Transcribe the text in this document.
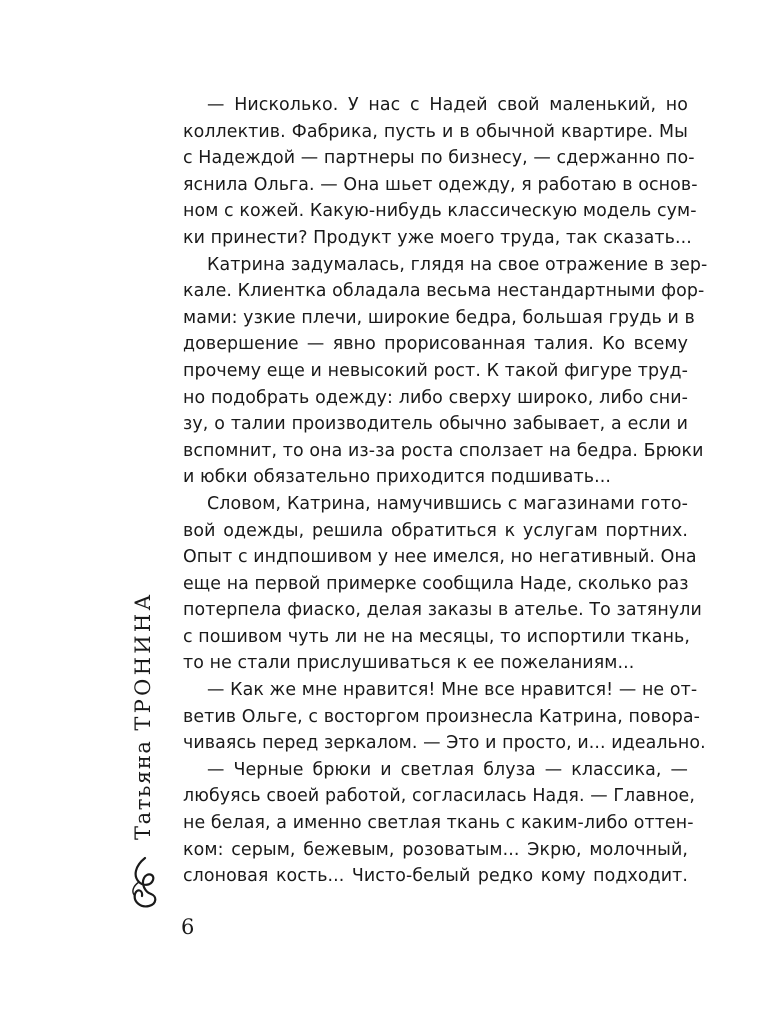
Татьяна ТРОНИНА
— Нисколько. У нас с Надей свой маленький, но
коллектив. Фабрика, пусть и в обычной квартире. Мы
с Надеждой — партнеры по бизнесу, — сдержанно по-
яснила Ольга. — Она шьет одежду, я работаю в основ-
ном с кожей. Какую-нибудь классическую модель сум-
ки принести? Продукт уже моего труда, так сказать...
Катрина задумалась, глядя на свое отражение в зер-
кале. Клиентка обладала весьма нестандартными фор-
мами: узкие плечи, широкие бедра, большая грудь и в
довершение — явно прорисованная талия. Ко всему
прочему еще и невысокий рост. К такой фигуре труд-
но подобрать одежду: либо сверху широко, либо сни-
зу, о талии производитель обычно забывает, а если и
вспомнит, то она из-за роста сползает на бедра. Брюки
и юбки обязательно приходится подшивать...
Словом, Катрина, намучившись с магазинами гото-
вой одежды, решила обратиться к услугам портних.
Опыт с индпошивом у нее имелся, но негативный. Она
еще на первой примерке сообщила Наде, сколько раз
потерпела фиаско, делая заказы в ателье. То затянули
с пошивом чуть ли не на месяцы, то испортили ткань,
то не стали прислушиваться к ее пожеланиям...
— Как же мне нравится! Мне все нравится! — не от-
ветив Ольге, с восторгом произнесла Катрина, поворa-
чиваясь перед зеркалом. — Это и просто, и... идеально.
— Черные брюки и светлая блуза — классика, —
любуясь своей работой, согласилась Надя. — Главное,
не белая, а именно светлая ткань с каким-либо оттен-
ком: серым, бежевым, розоватым... Экрю, молочный,
слоновая кость... Чисто-белый редко кому подходит.
6
